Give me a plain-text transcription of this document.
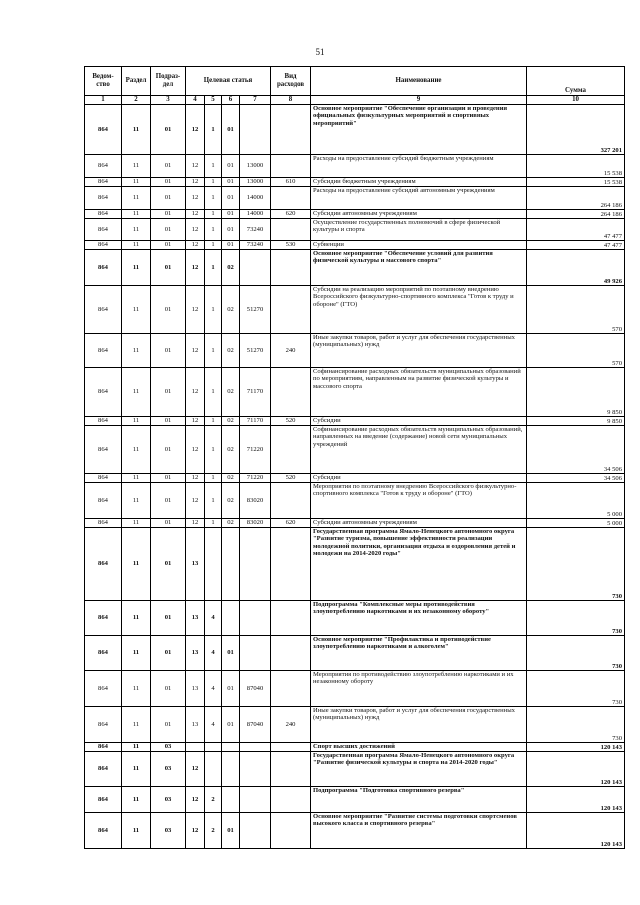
51
Ведом-ство	Раздел	Подраз-дел	Целевая статья				Вид расходов	Наименование	Сумма
1	2	3	4	5	6	7	8	9	10
864	11	01	12	1	01			Основное мероприятие "Обеспечение организации и проведения официальных физкультурных мероприятий и спортивных мероприятий"	327 201
864	11	01	12	1	01	13000		Расходы на предоставление субсидий бюджетным учреждениям	15 538
864	11	01	12	1	01	13000	610	Субсидии бюджетным учреждениям	15 538
864	11	01	12	1	01	14000		Расходы на предоставление субсидий автономным учреждениям	264 186
864	11	01	12	1	01	14000	620	Субсидии автономным учреждениям	264 186
864	11	01	12	1	01	73240		Осуществление государственных полномочий в сфере физической культуры и спорта	47 477
864	11	01	12	1	01	73240	530	Субвенции	47 477
864	11	01	12	1	02			Основное мероприятие "Обеспечение условий для развития физической культуры и массового спорта"	49 926
864	11	01	12	1	02	51270		Субсидии на реализацию мероприятий по поэтапному внедрению Всероссийского физкультурно-спортивного комплекса "Готов к труду и обороне" (ГТО)	570
864	11	01	12	1	02	51270	240	Иные закупки товаров, работ и услуг для обеспечения государственных (муниципальных) нужд	570
864	11	01	12	1	02	71170		Софинансирование расходных обязательств муниципальных образований по мероприятиям, направленным на развитие физической культуры и массового спорта	9 850
864	11	01	12	1	02	71170	520	Субсидии	9 850
864	11	01	12	1	02	71220		Софинансирование расходных обязательств муниципальных образований, направленных на введение (содержание) новой сети муниципальных учреждений	34 506
864	11	01	12	1	02	71220	520	Субсидии	34 506
864	11	01	12	1	02	83020		Мероприятия по поэтапному внедрению Всероссийского физкультурно-спортивного комплекса "Готов к труду и обороне" (ГТО)	5 000
864	11	01	12	1	02	83020	620	Субсидии автономным учреждениям	5 000
864	11	01	13					Государственная программа Ямало-Ненецкого автономного округа "Развитие туризма, повышение эффективности реализации молодежной политики, организация отдыха и оздоровления детей и молодежи на 2014-2020 годы"	730
864	11	01	13	4				Подпрограмма "Комплексные меры противодействия злоупотреблению наркотиками и их незаконному обороту"	730
864	11	01	13	4	01			Основное мероприятие "Профилактика и противодействие злоупотреблению наркотиками и алкоголем"	730
864	11	01	13	4	01	87040		Мероприятия по противодействию злоупотреблению наркотиками и их незаконному обороту	730
864	11	01	13	4	01	87040	240	Иные закупки товаров, работ и услуг для обеспечения государственных (муниципальных) нужд	730
864	11	03						Спорт высших достижений	120 143
864	11	03	12					Государственная программа Ямало-Ненецкого автономного округа "Развитие физической культуры и спорта на 2014-2020 годы"	120 143
864	11	03	12	2				Подпрограмма "Подготовка спортивного резерва"	120 143
864	11	03	12	2	01			Основное мероприятие "Развитие системы подготовки спортсменов высокого класса и спортивного резерва"	120 143
